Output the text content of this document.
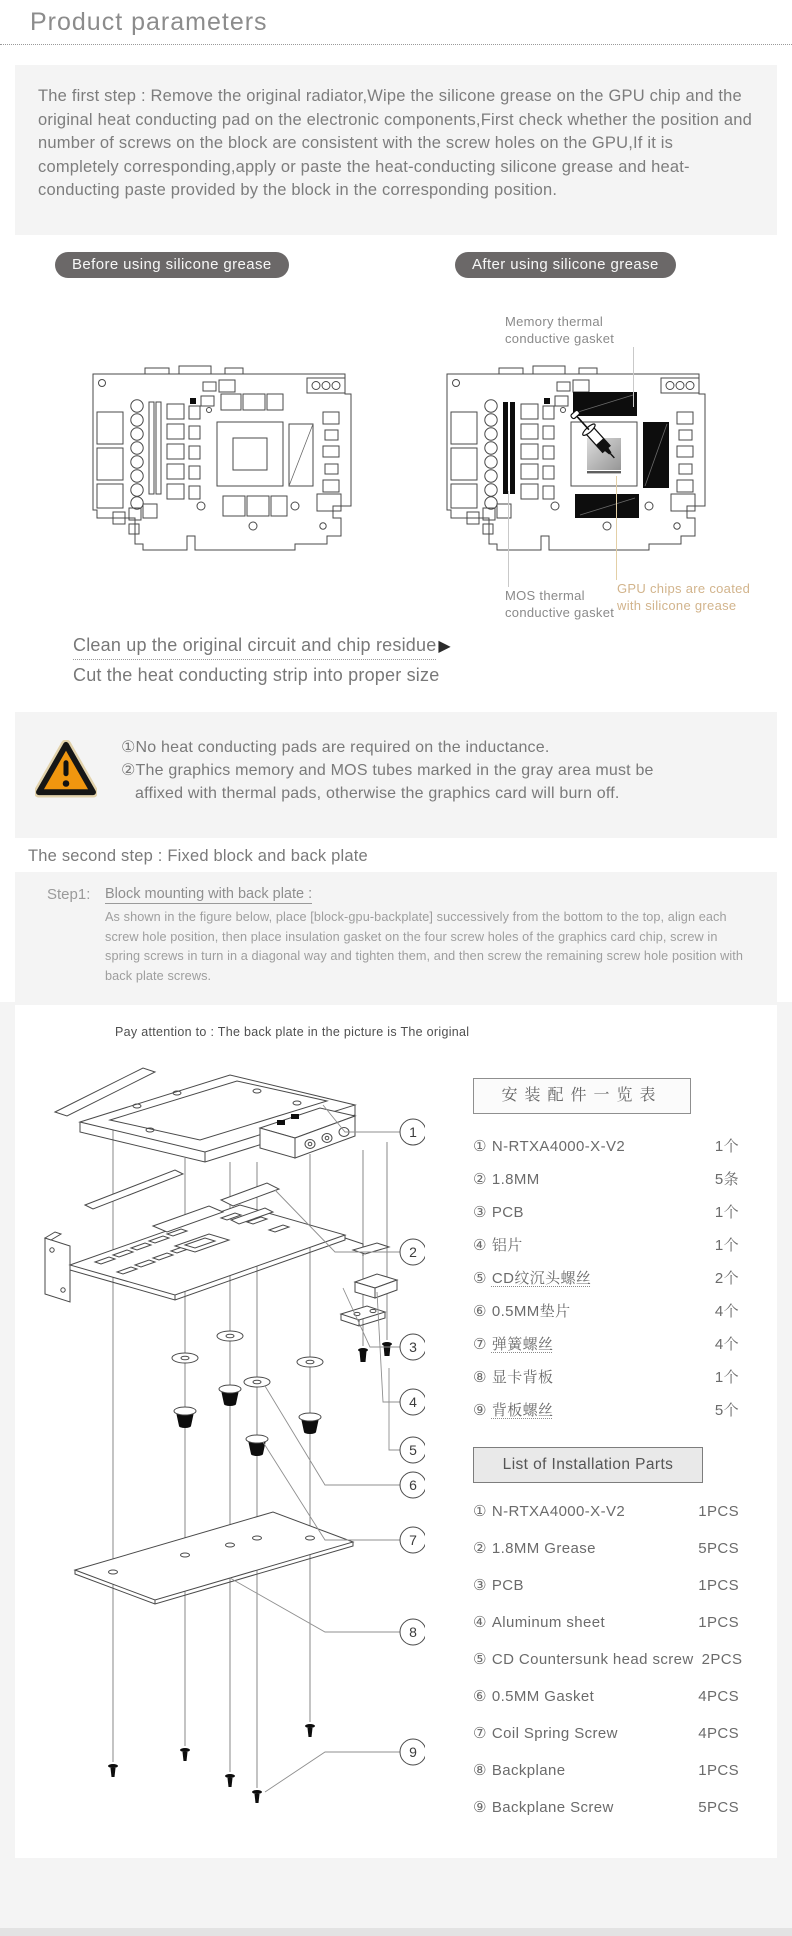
Product parameters

The first step : Remove the original radiator,Wipe the silicone grease on the GPU chip and the original heat conducting pad on the electronic components,First check whether the position and number of screws on the block are consistent with the screw holes on the GPU,If it is completely corresponding,apply or paste the heat-conducting silicone grease and heat-conducting paste provided by the block in the corresponding position.

Before using silicone grease	After using silicone grease
Memory thermal conductive gasket
MOS thermal conductive gasket
GPU chips are coated with silicone grease
Clean up the original circuit and chip residue ▶
Cut the heat conducting strip into proper size
①No heat conducting pads are required on the inductance.
②The graphics memory and MOS tubes marked in the gray area must be
affixed with thermal pads, otherwise the graphics card will burn off.
The second step : Fixed block and back plate
Step1: Block mounting with back plate :
As shown in the figure below, place [block-gpu-backplate] successively from the bottom to the top, align each screw hole position, then place insulation gasket on the four screw holes of the graphics card chip, screw in spring screws in turn in a diagonal way and tighten them, and then screw the remaining screw hole position with back plate screws.
Pay attention to : The back plate in the picture is The original
1
2
3
4
5
6
7
8
9
安装配件一览表
① N-RTXA4000-X-V2	1个
② 1.8MM	5条
③ PCB	1个
④ 铝片	1个
⑤ CD纹沉头螺丝	2个
⑥ 0.5MM垫片	4个
⑦ 弹簧螺丝	4个
⑧ 显卡背板	1个
⑨ 背板螺丝	5个
List of Installation Parts
① N-RTXA4000-X-V2	1PCS
② 1.8MM Grease	5PCS
③ PCB	1PCS
④ Aluminum sheet	1PCS
⑤ CD Countersunk head screw 2PCS
⑥ 0.5MM Gasket	4PCS
⑦ Coil Spring Screw	4PCS
⑧ Backplane	1PCS
⑨ Backplane Screw	5PCS
